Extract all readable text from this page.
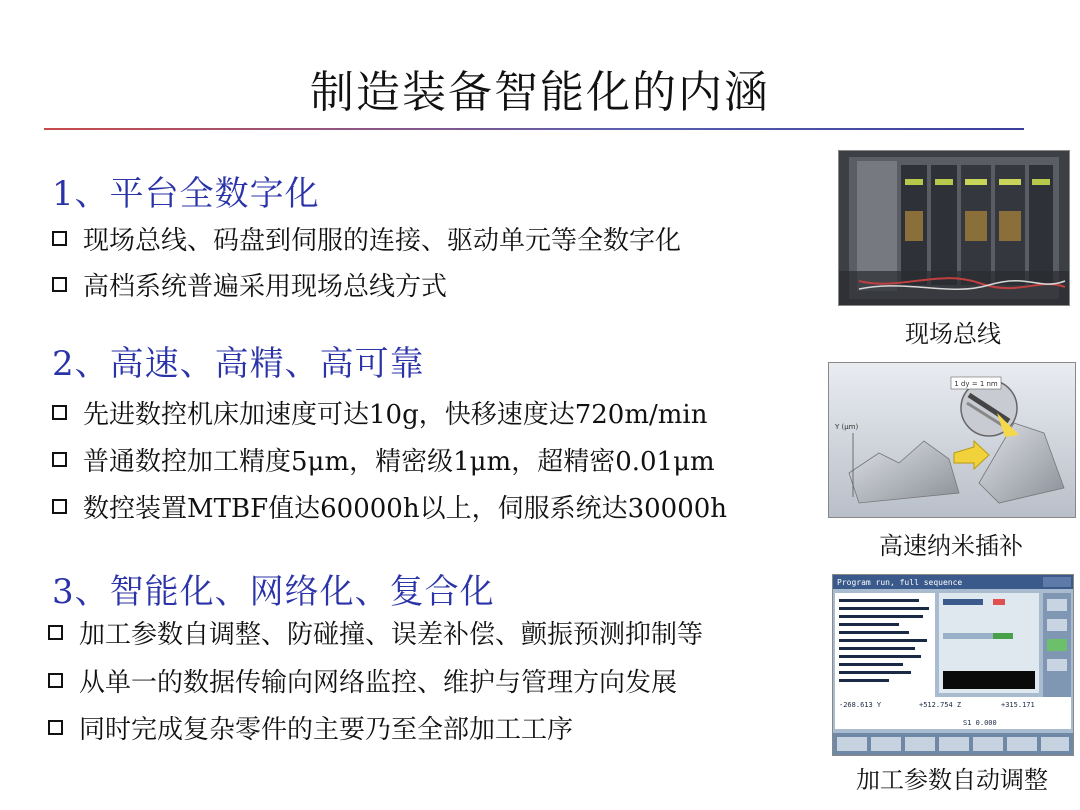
制造装备智能化的内涵
1、平台全数字化
现场总线、码盘到伺服的连接、驱动单元等全数字化
高档系统普遍采用现场总线方式
2、高速、高精、高可靠
先进数控机床加速度可达10g，快移速度达720m/min
普通数控加工精度5μm，精密级1μm，超精密0.01μm
数控装置MTBF值达60000h以上，伺服系统达30000h
3、智能化、网络化、复合化
加工参数自调整、防碰撞、误差补偿、颤振预测抑制等
从单一的数据传输向网络监控、维护与管理方向发展
同时完成复杂零件的主要乃至全部加工工序
现场总线
1 dy = 1 nm
Y (μm)
高速纳米插补
Program run, full sequence
-268.613 Y	+512.754 Z	+315.171
S1 0.000
加工参数自动调整
